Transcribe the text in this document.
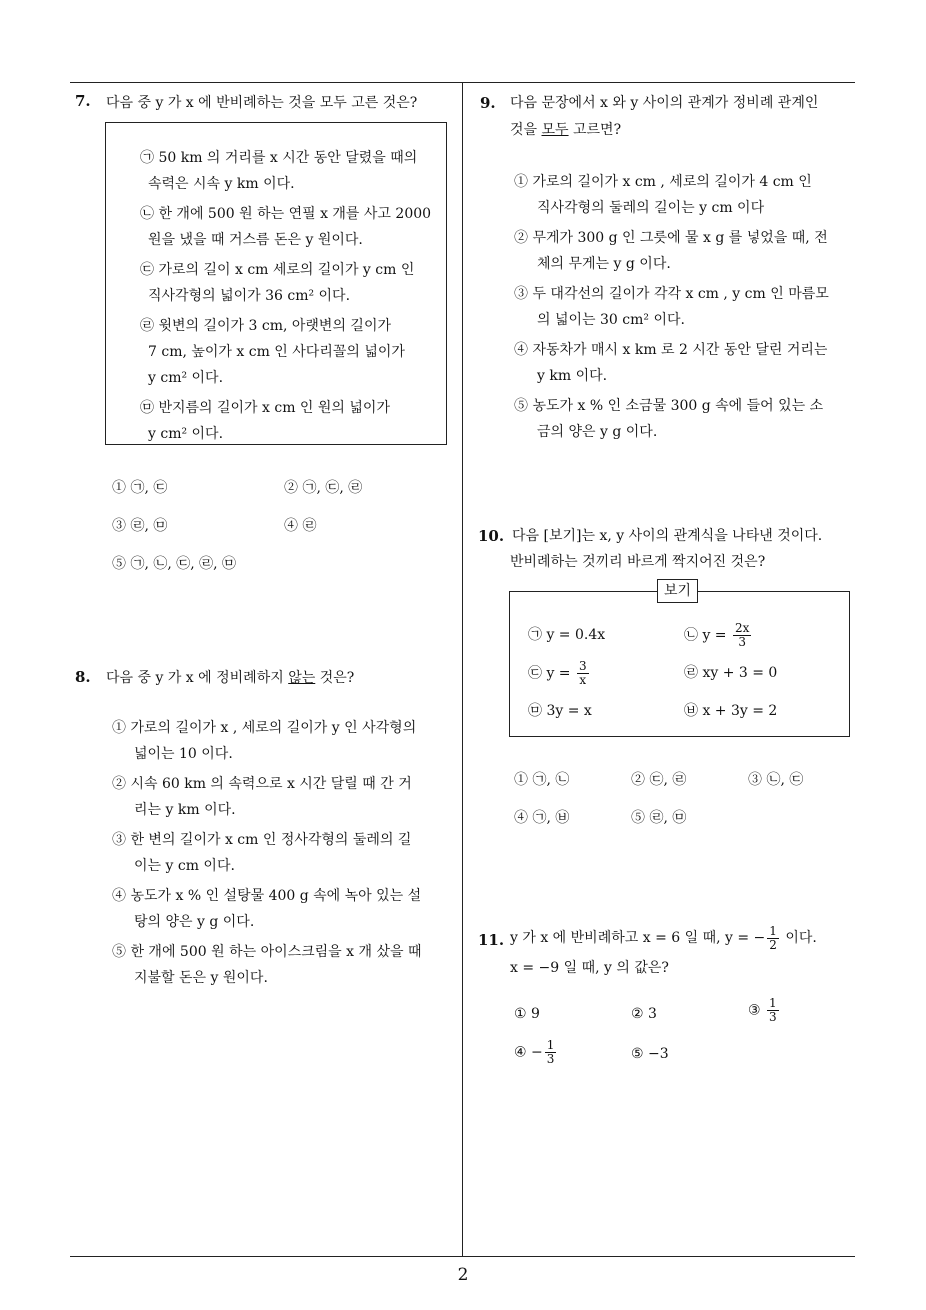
7. 다음 중 y 가 x 에 반비례하는 것을 모두 고른 것은?
㉠ 50 km 의 거리를 x 시간 동안 달렸을 때의
속력은 시속 y km 이다.
㉡ 한 개에 500 원 하는 연필 x 개를 사고 2000
원을 냈을 때 거스름 돈은 y 원이다.
㉢ 가로의 길이 x cm 세로의 길이가 y cm 인
직사각형의 넓이가 36 cm² 이다.
㉣ 윗변의 길이가 3 cm, 아랫변의 길이가
7 cm, 높이가 x cm 인 사다리꼴의 넓이가
y cm² 이다.
㉤ 반지름의 길이가 x cm 인 원의 넓이가
y cm² 이다.
① ㉠, ㉢	② ㉠, ㉢, ㉣
③ ㉣, ㉤	④ ㉣
⑤ ㉠, ㉡, ㉢, ㉣, ㉤
8. 다음 중 y 가 x 에 정비례하지 않는 것은?
① 가로의 길이가 x , 세로의 길이가 y 인 사각형의
넓이는 10 이다.
② 시속 60 km 의 속력으로 x 시간 달릴 때 간 거
리는 y km 이다.
③ 한 변의 길이가 x cm 인 정사각형의 둘레의 길
이는 y cm 이다.
④ 농도가 x % 인 설탕물 400 g 속에 녹아 있는 설
탕의 양은 y g 이다.
⑤ 한 개에 500 원 하는 아이스크림을 x 개 샀을 때
지불할 돈은 y 원이다.
9. 다음 문장에서 x 와 y 사이의 관계가 정비례 관계인
것을 모두 고르면?
① 가로의 길이가 x cm , 세로의 길이가 4 cm 인
직사각형의 둘레의 길이는 y cm 이다
② 무게가 300 g 인 그릇에 물 x g 를 넣었을 때, 전
체의 무게는 y g 이다.
③ 두 대각선의 길이가 각각 x cm , y cm 인 마름모
의 넓이는 30 cm² 이다.
④ 자동차가 매시 x km 로 2 시간 동안 달린 거리는
y km 이다.
⑤ 농도가 x % 인 소금물 300 g 속에 들어 있는 소
금의 양은 y g 이다.
10. 다음 [보기]는 x, y 사이의 관계식을 나타낸 것이다.
반비례하는 것끼리 바르게 짝지어진 것은?
보기
㉠ y = 0.4x	㉡ $y = \frac{2x}{3}$
㉢ $y = \frac{3}{x}$	㉣ xy + 3 = 0
㉤ 3y = x	㉥ x + 3y = 2
① ㉠, ㉡	② ㉢, ㉣	③ ㉡, ㉢
④ ㉠, ㉥	⑤ ㉣, ㉤
11. y 가 x 에 반비례하고 x = 6 일 때, y = − $\frac{1}{2}$ 이다.
x = −9 일 때, y 의 값은?
① 9	② 3	③ $\frac{1}{3}$
④ − $\frac{1}{3}$	⑤ −3
2
